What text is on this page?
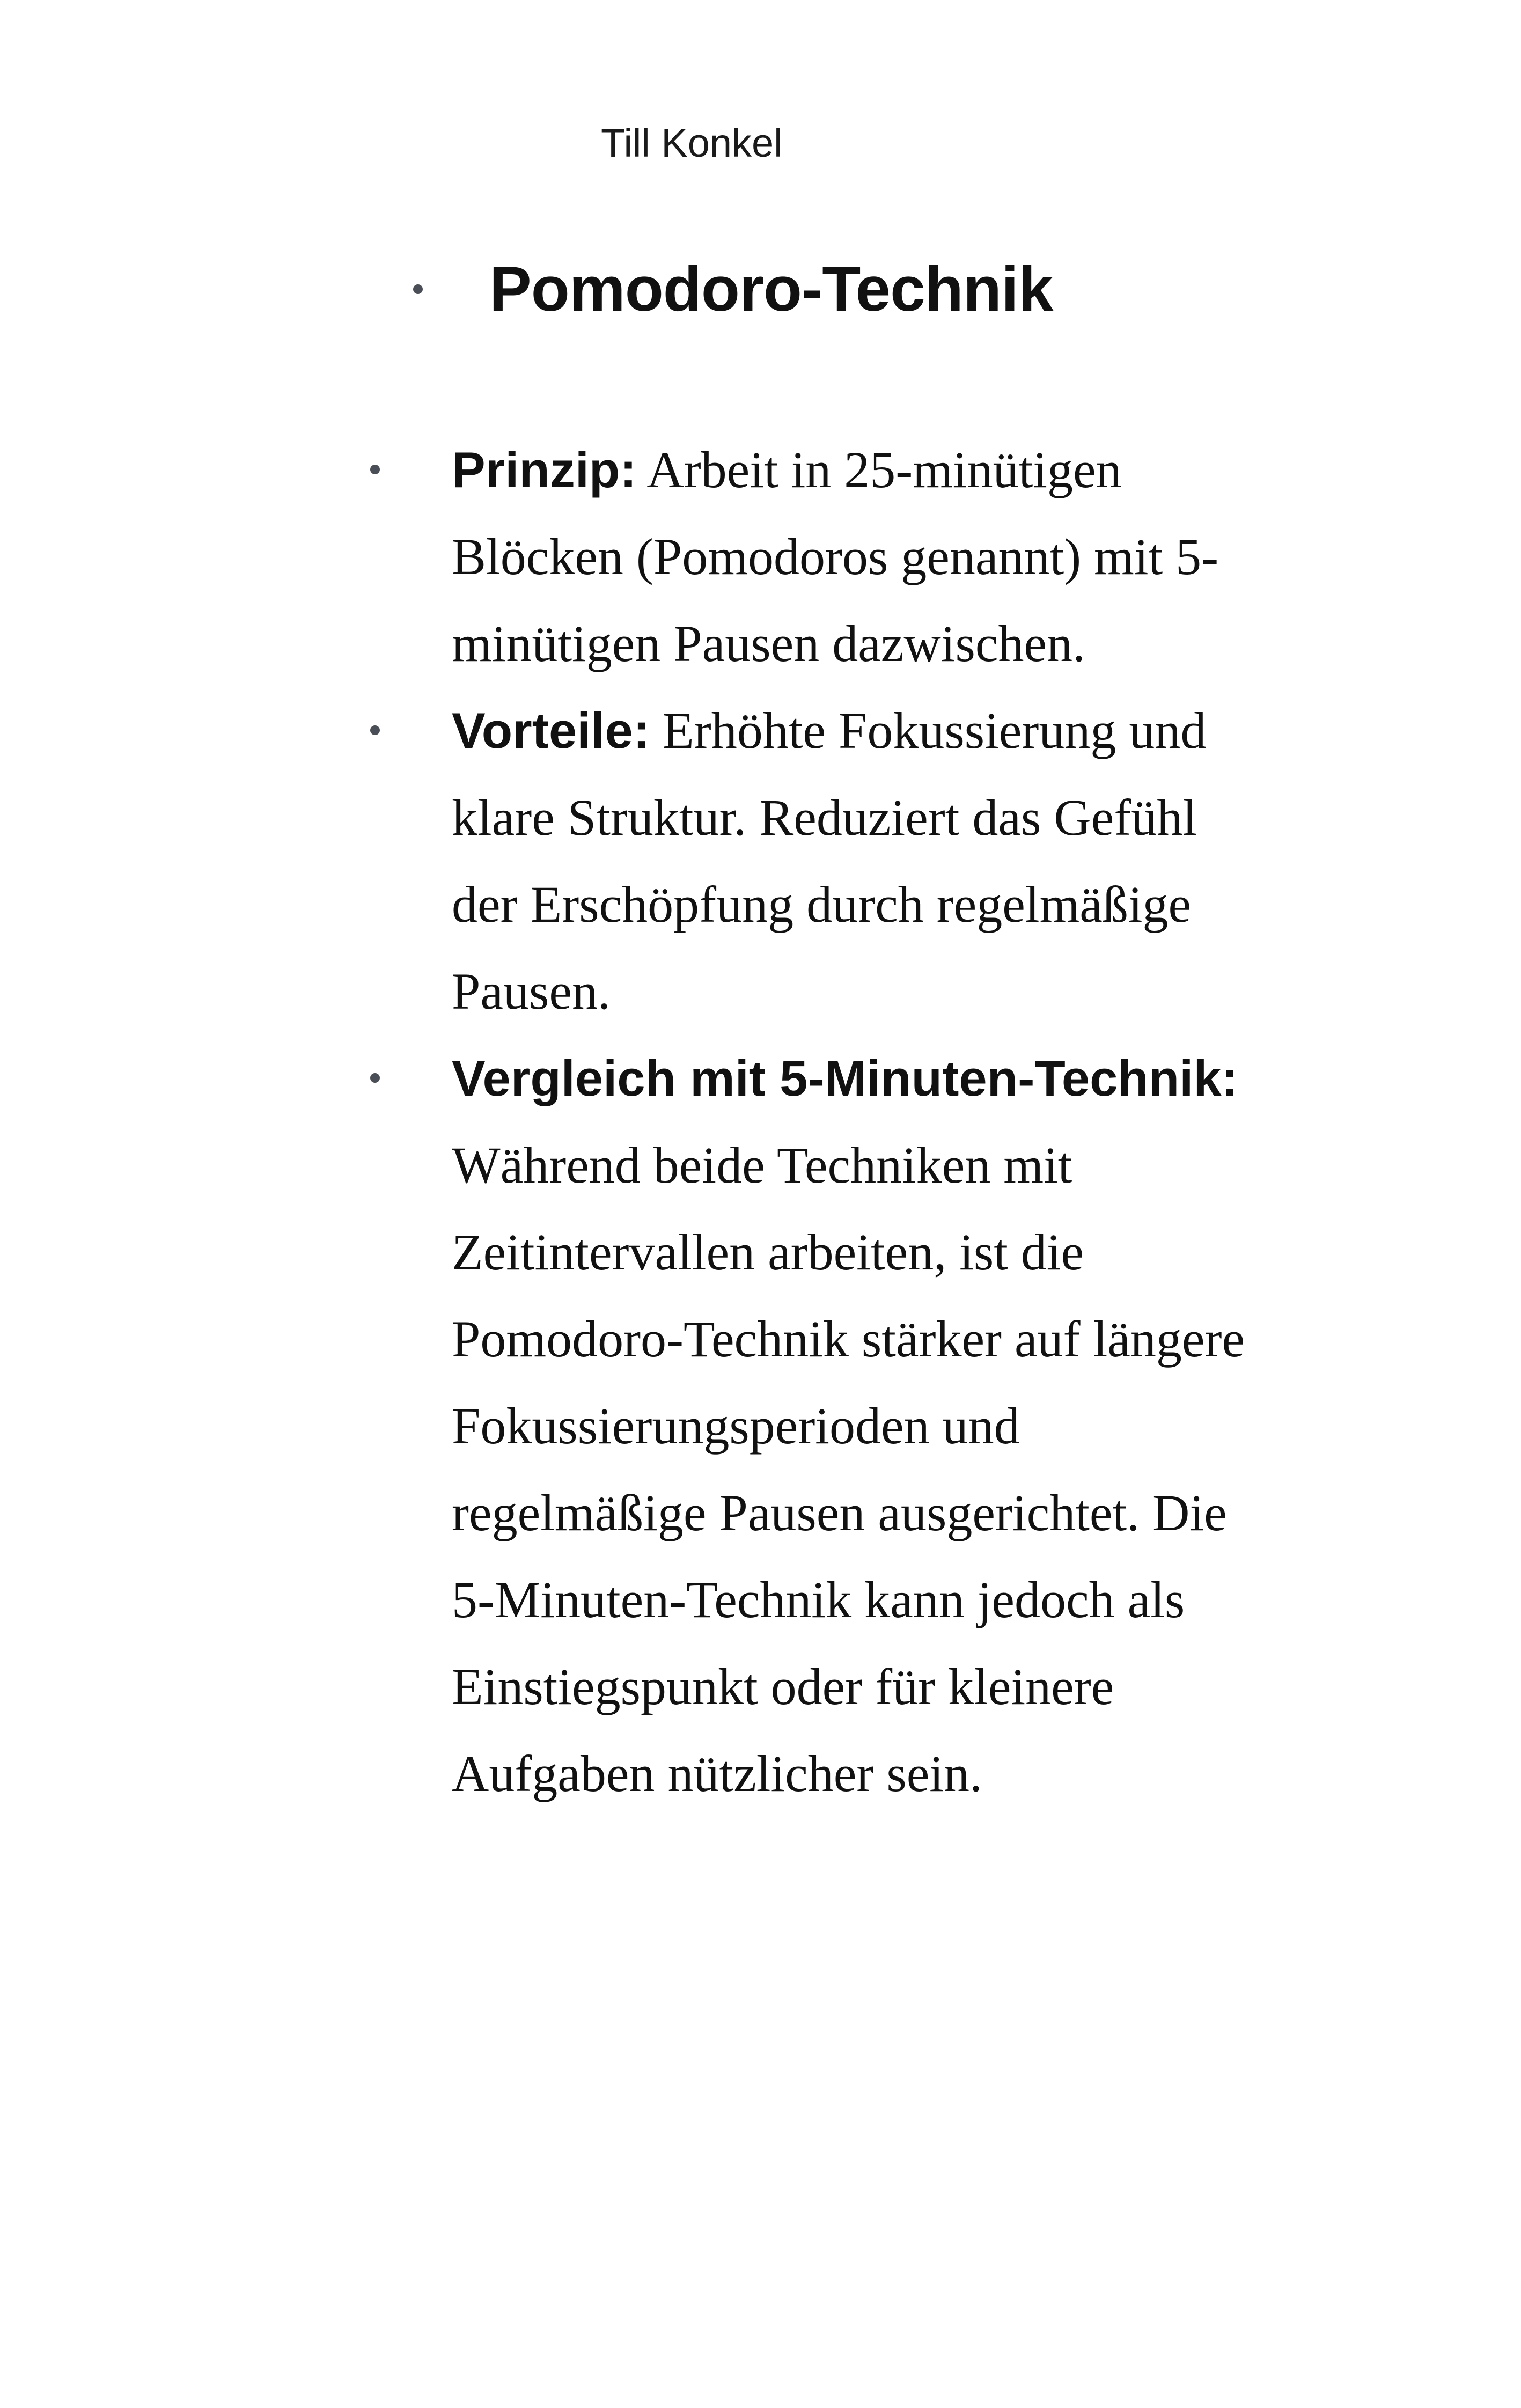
Till Konkel
Pomodoro-Technik
Prinzip: Arbeit in 25-minütigen Blöcken (Pomodoros genannt) mit 5-minütigen Pausen dazwischen.
Vorteile: Erhöhte Fokussierung und klare Struktur. Reduziert das Gefühl der Erschöpfung durch regelmäßige Pausen.
Vergleich mit 5-Minuten-Technik: Während beide Techniken mit Zeitintervallen arbeiten, ist die Pomodoro-Technik stärker auf längere Fokussierungsperioden und regelmäßige Pausen ausgerichtet. Die 5-Minuten-Technik kann jedoch als Einstiegspunkt oder für kleinere Aufgaben nützlicher sein.
